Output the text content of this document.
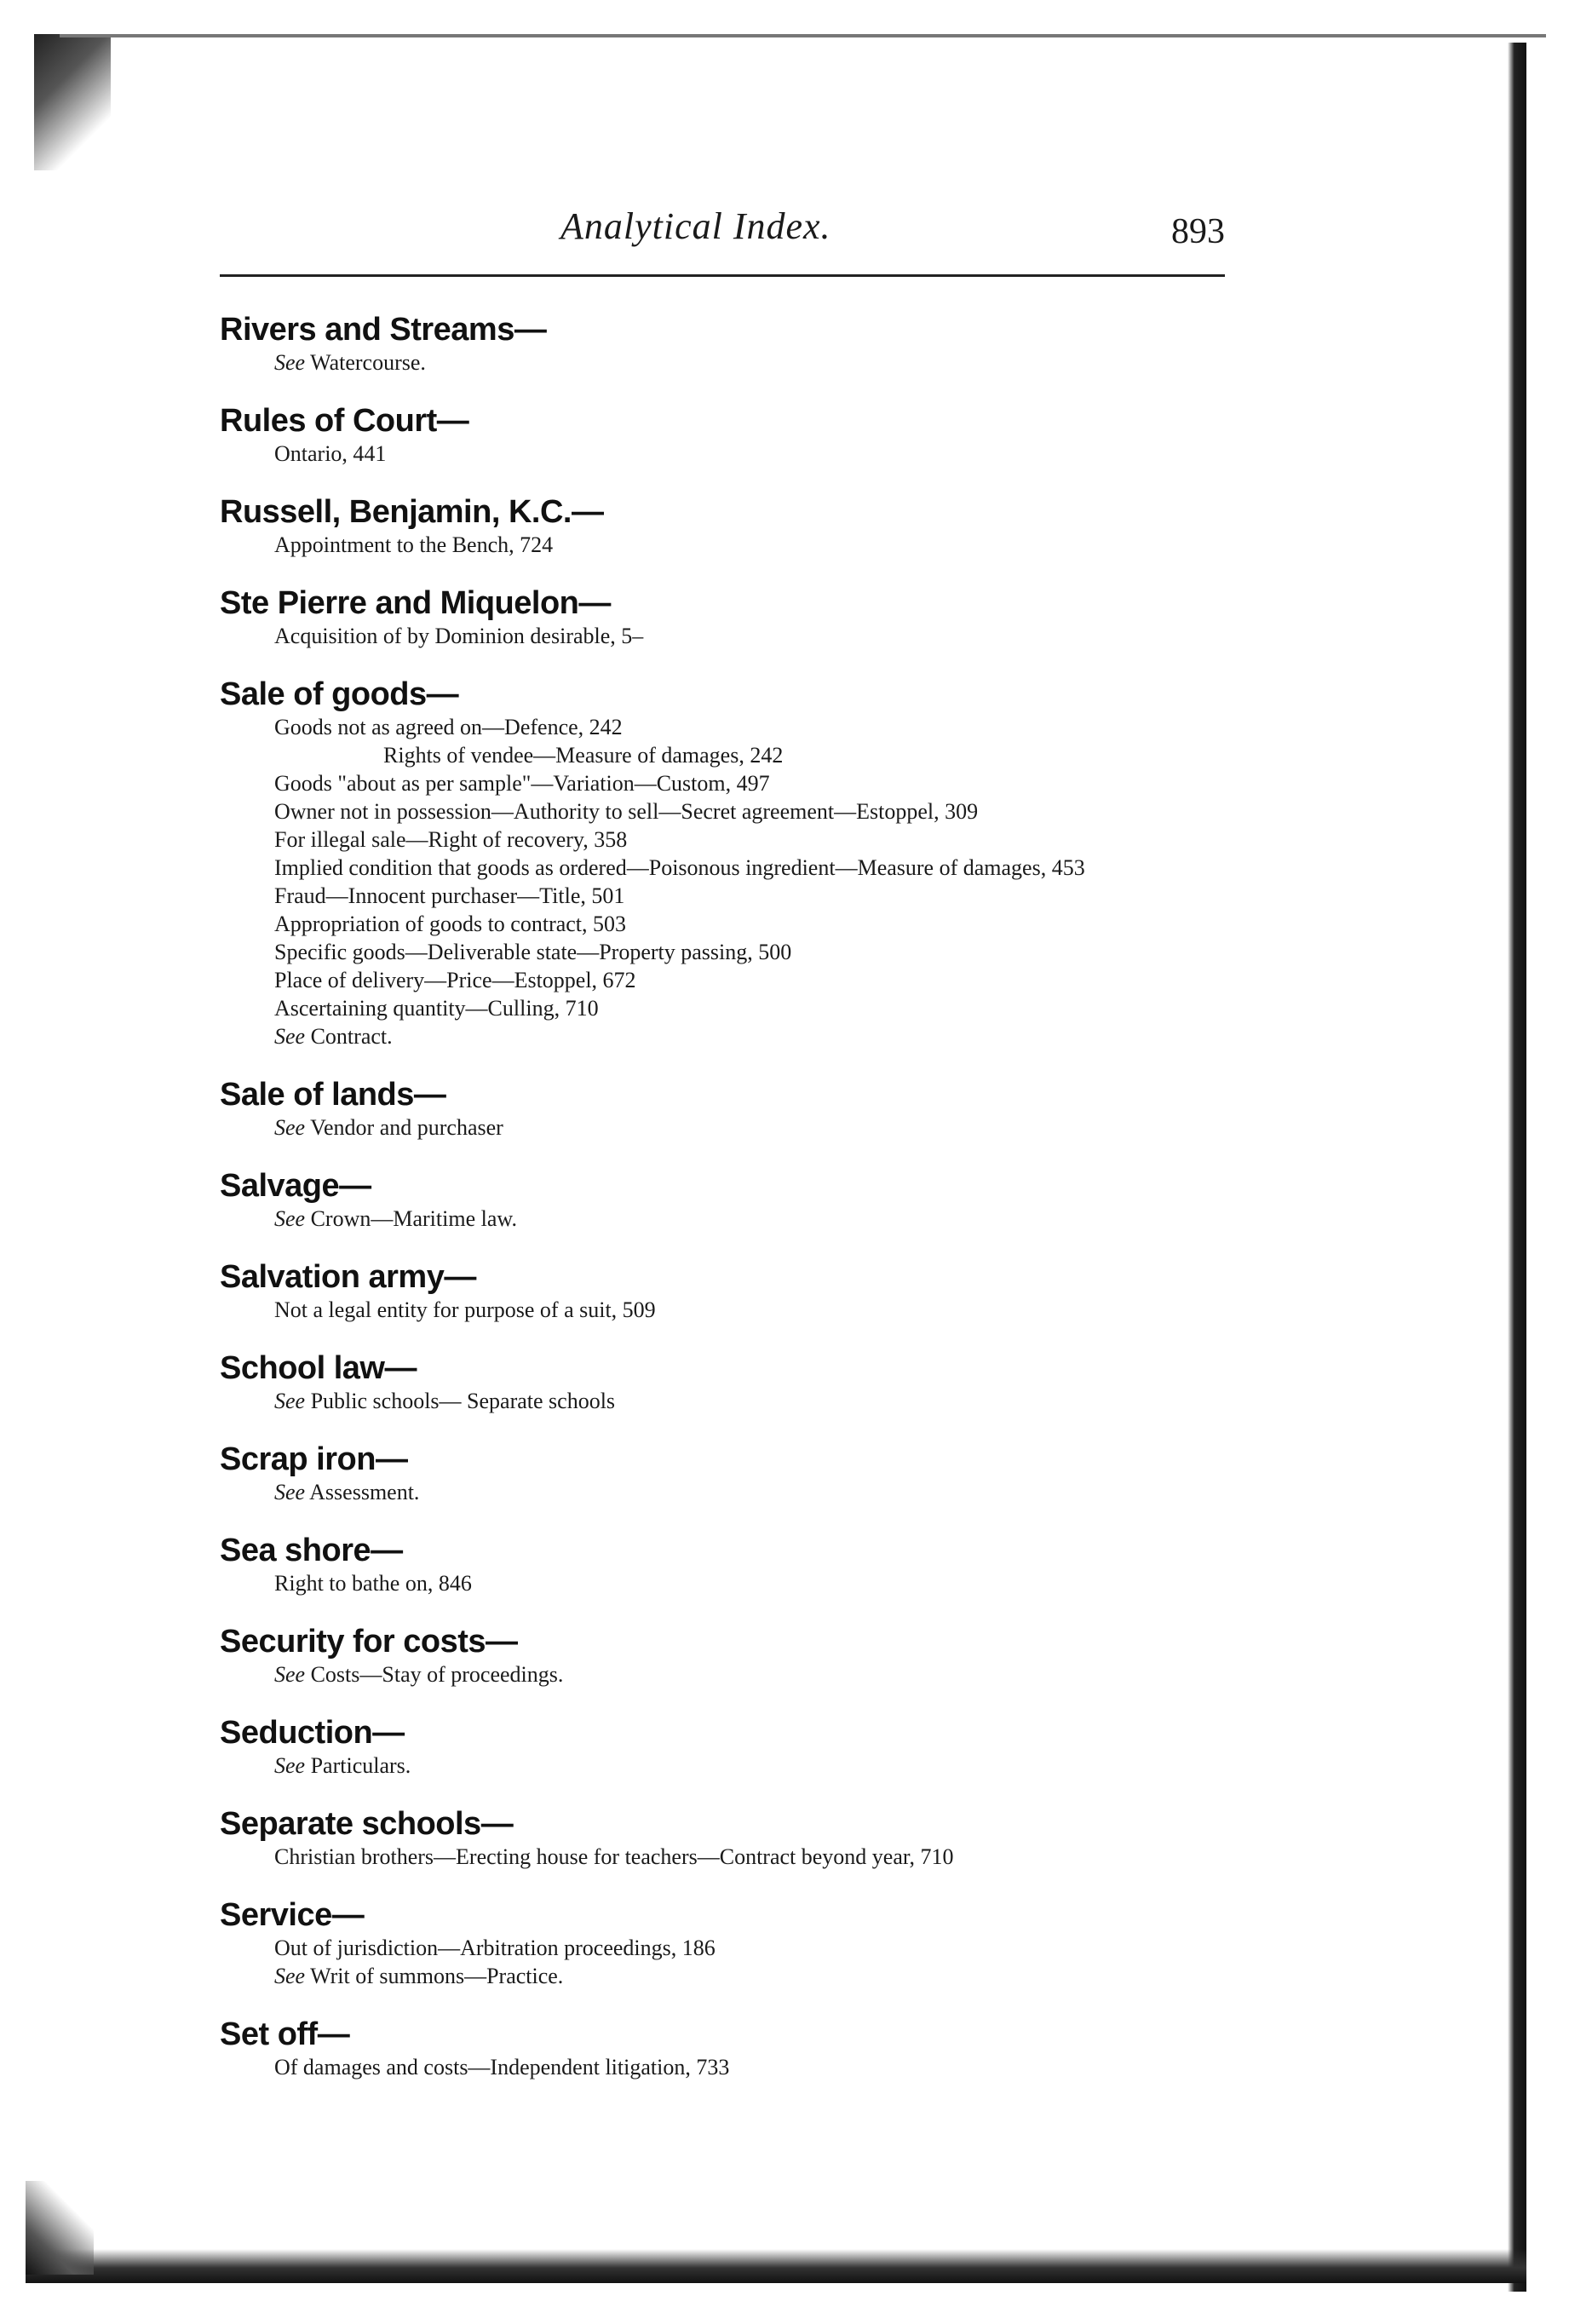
Analytical Index.	893
Rivers and Streams—
See Watercourse.
Rules of Court—
Ontario, 441
Russell, Benjamin, K.C.—
Appointment to the Bench, 724
Ste Pierre and Miquelon—
Acquisition of by Dominion desirable, 5–
Sale of goods—
Goods not as agreed on—Defence, 242
Rights of vendee—Measure of damages, 242
Goods "about as per sample"—Variation—Custom, 497
Owner not in possession—Authority to sell—Secret agreement—Estoppel, 309
For illegal sale—Right of recovery, 358
Implied condition that goods as ordered—Poisonous ingredient—Measure of damages, 453
Fraud—Innocent purchaser—Title, 501
Appropriation of goods to contract, 503
Specific goods—Deliverable state—Property passing, 500
Place of delivery—Price—Estoppel, 672
Ascertaining quantity—Culling, 710
See Contract.
Sale of lands—
See Vendor and purchaser
Salvage—
See Crown—Maritime law.
Salvation army—
Not a legal entity for purpose of a suit, 509
School law—
See Public schools— Separate schools
Scrap iron—
See Assessment.
Sea shore—
Right to bathe on, 846
Security for costs—
See Costs—Stay of proceedings.
Seduction—
See Particulars.
Separate schools—
Christian brothers—Erecting house for teachers—Contract beyond year, 710
Service—
Out of jurisdiction—Arbitration proceedings, 186
See Writ of summons—Practice.
Set off—
Of damages and costs—Independent litigation, 733
